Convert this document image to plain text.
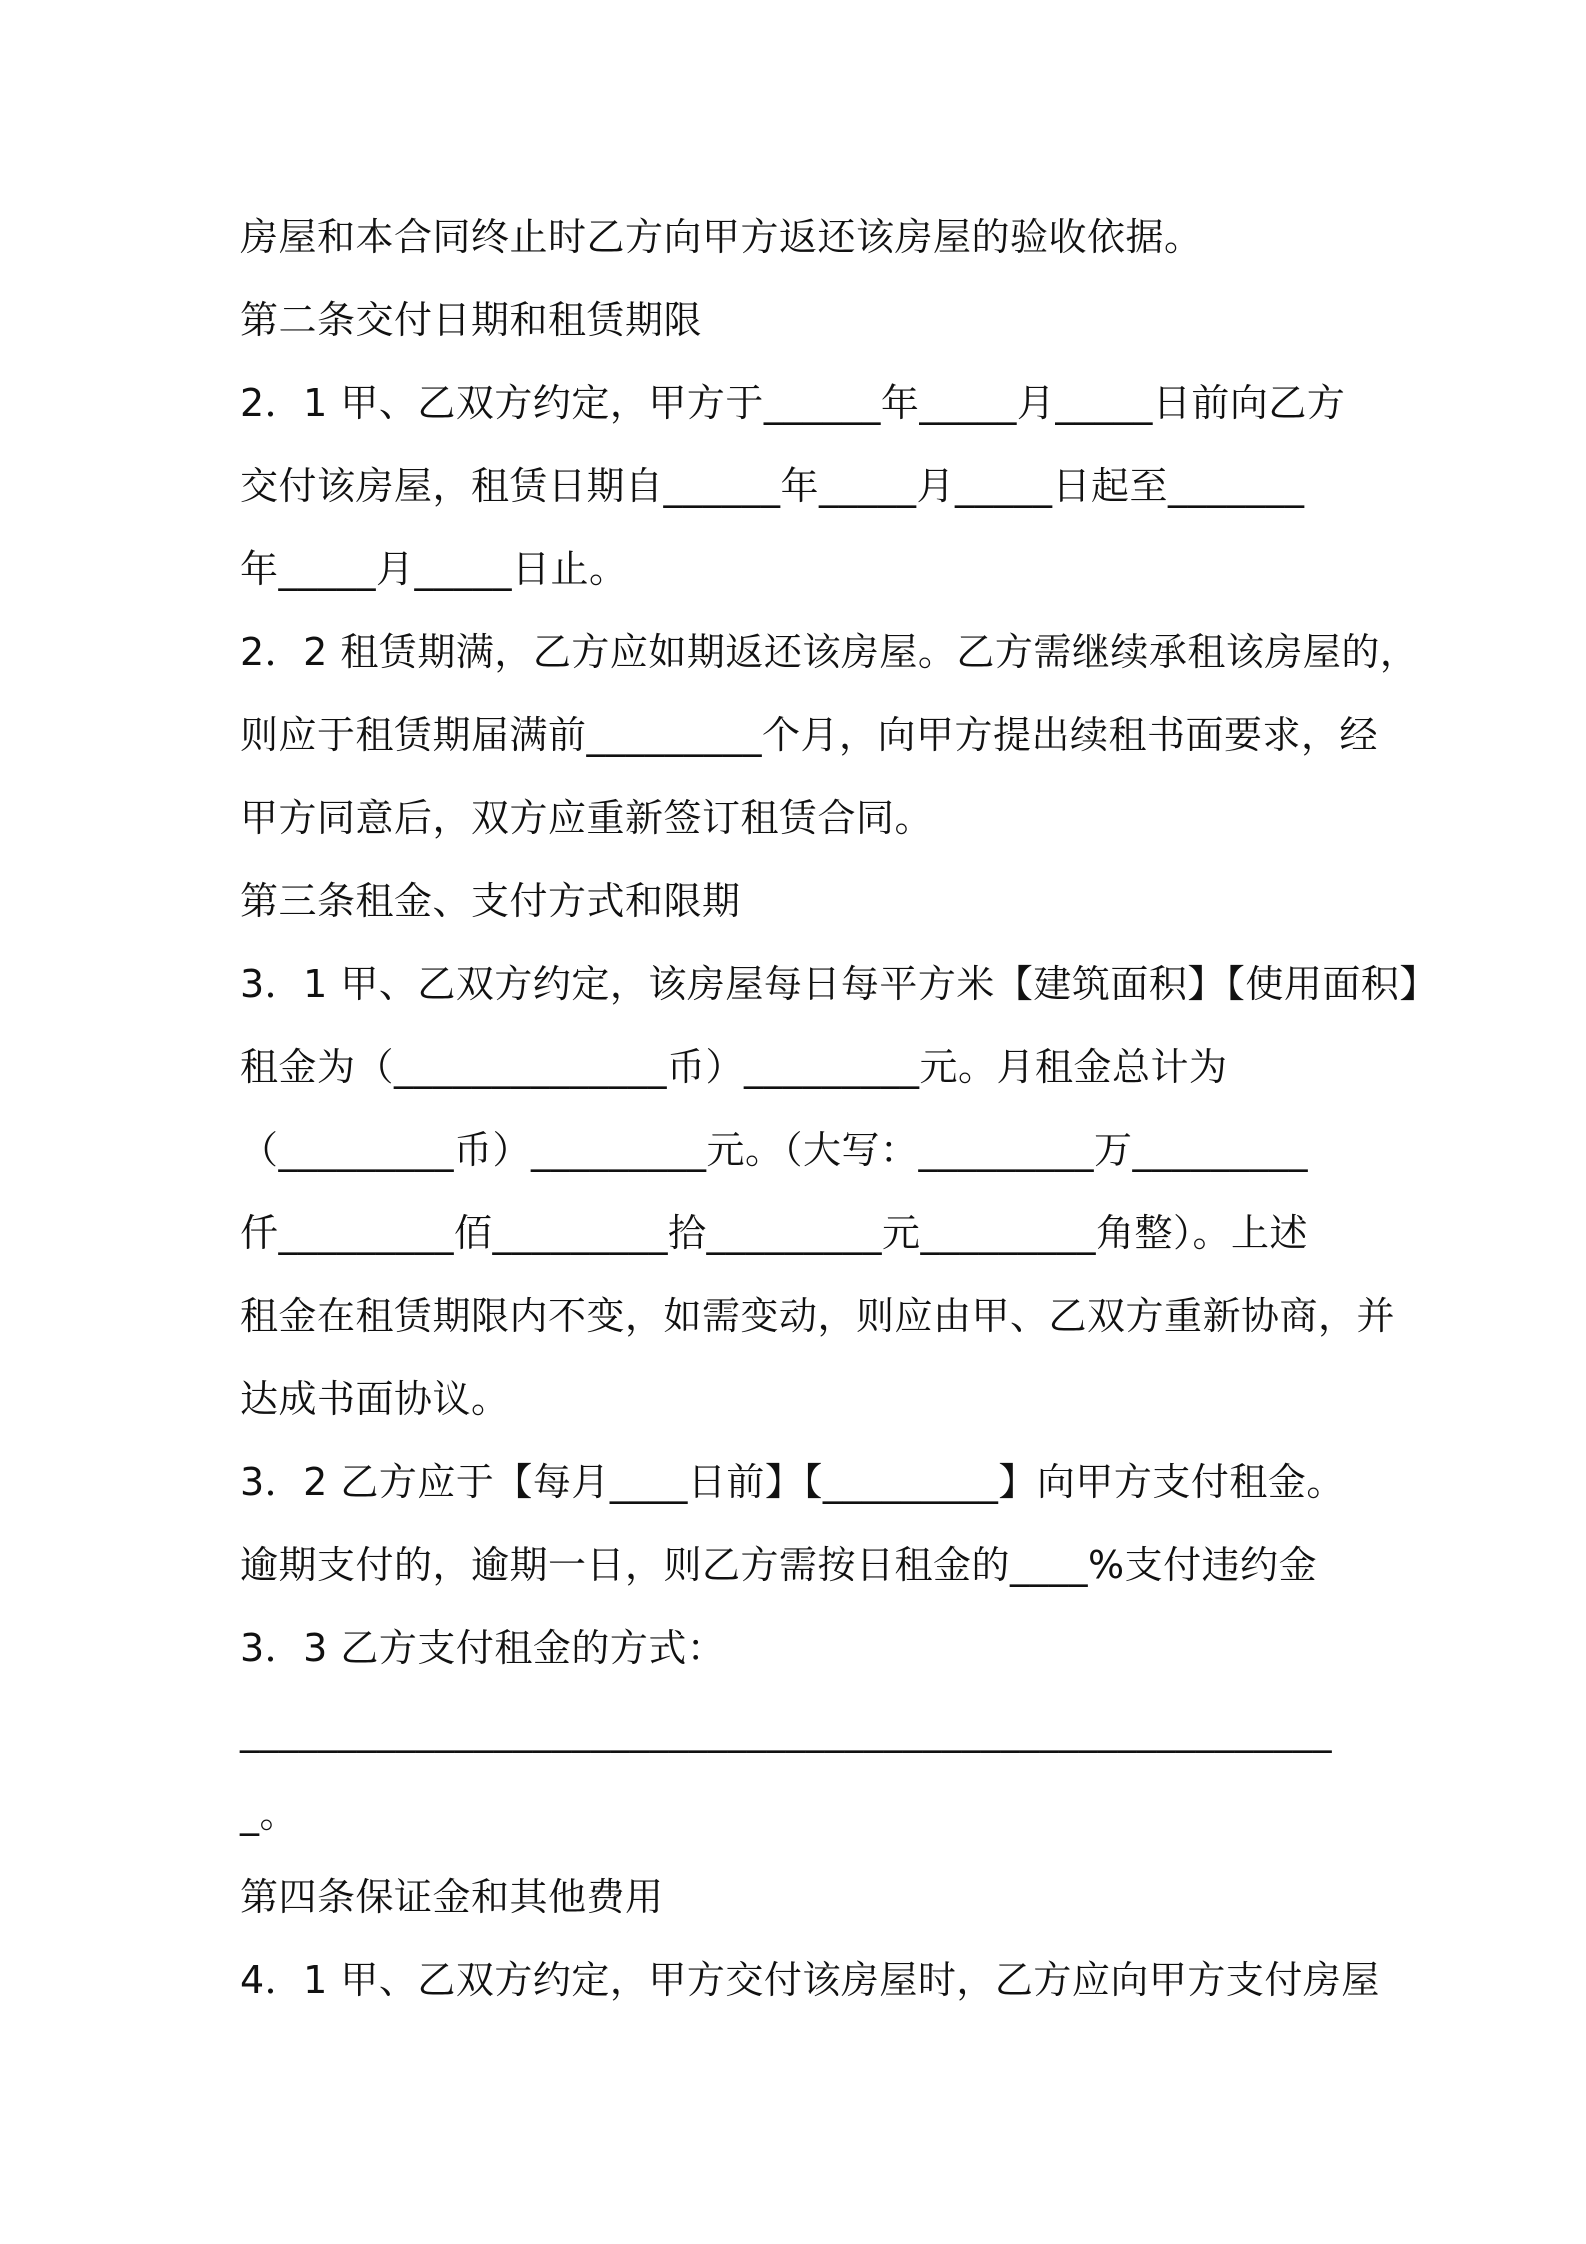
房屋和本合同终止时乙方向甲方返还该房屋的验收依据。
第二条交付日期和租赁期限
2．1 甲、乙双方约定，甲方于______年_____月_____日前向乙方
交付该房屋，租赁日期自______年_____月_____日起至_______
年_____月_____日止。
2．2 租赁期满，乙方应如期返还该房屋。乙方需继续承租该房屋的，
则应于租赁期届满前_________个月，向甲方提出续租书面要求，经
甲方同意后，双方应重新签订租赁合同。
第三条租金、支付方式和限期
3．1 甲、乙双方约定，该房屋每日每平方米【建筑面积】【使用面积】
租金为（______________币）_________元。月租金总计为
（_________币）_________元。（大写：_________万_________
仟_________佰_________拾_________元_________角整）。上述
租金在租赁期限内不变，如需变动，则应由甲、乙双方重新协商，并
达成书面协议。
3．2 乙方应于【每月____日前】【_________】向甲方支付租金。
逾期支付的，逾期一日，则乙方需按日租金的____%支付违约金
3．3 乙方支付租金的方式：
________________________________________________________
_。
第四条保证金和其他费用
4．1 甲、乙双方约定，甲方交付该房屋时，乙方应向甲方支付房屋
